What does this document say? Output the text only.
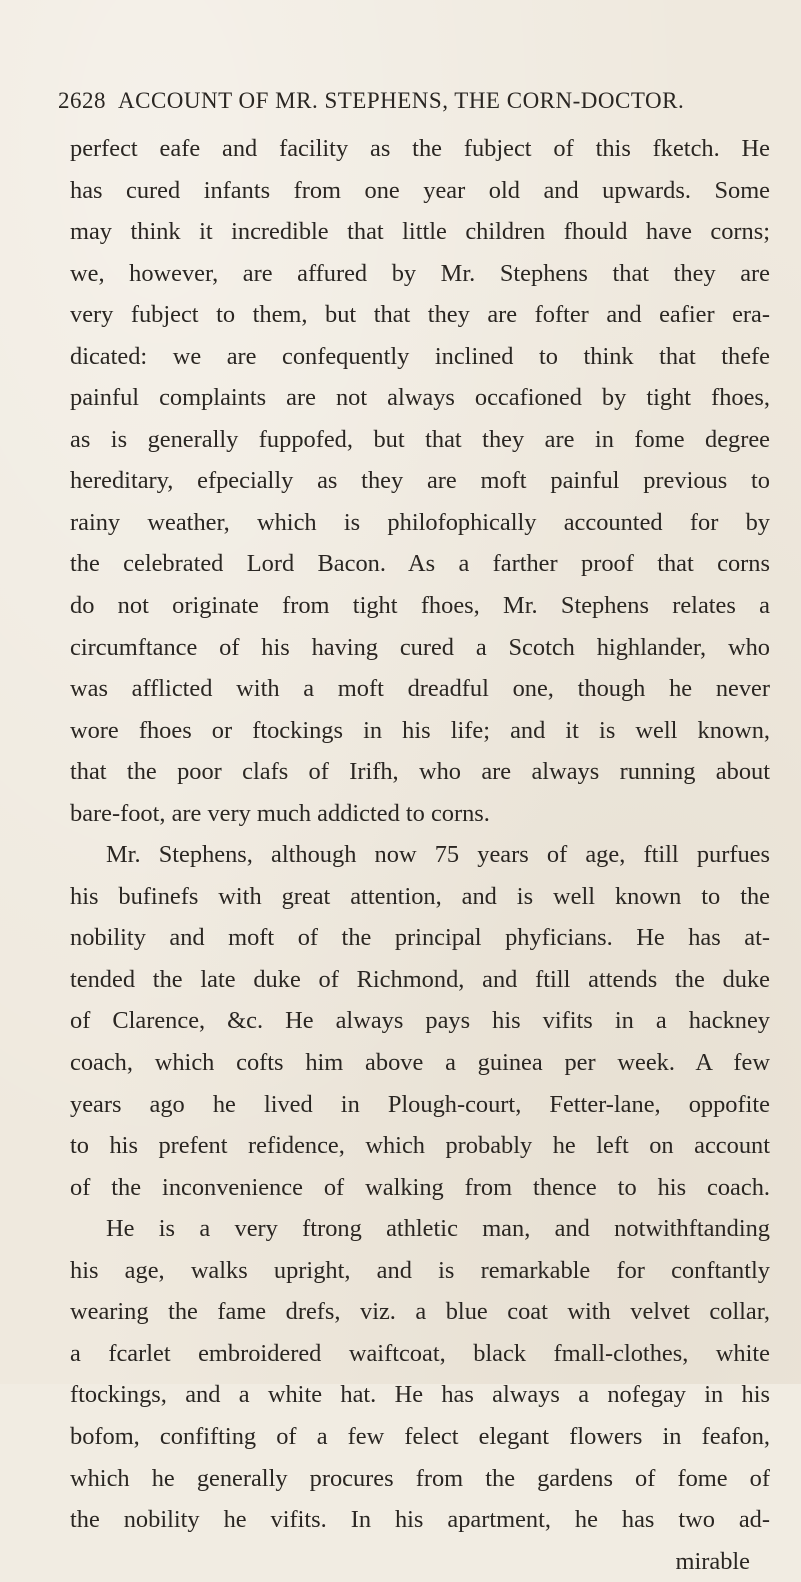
2628 ACCOUNT OF MR. STEPHENS, THE CORN-DOCTOR.
perfect eafe and facility as the fubject of this fketch. He
has cured infants from one year old and upwards. Some
may think it incredible that little children fhould have corns;
we, however, are affured by Mr. Stephens that they are
very fubject to them, but that they are fofter and eafier era-
dicated: we are confequently inclined to think that thefe
painful complaints are not always occafioned by tight fhoes,
as is generally fuppofed, but that they are in fome degree
hereditary, efpecially as they are moft painful previous to
rainy weather, which is philofophically accounted for by
the celebrated Lord Bacon. As a farther proof that corns
do not originate from tight fhoes, Mr. Stephens relates a
circumftance of his having cured a Scotch highlander, who
was afflicted with a moft dreadful one, though he never
wore fhoes or ftockings in his life; and it is well known,
that the poor clafs of Irifh, who are always running about
bare-foot, are very much addicted to corns.
Mr. Stephens, although now 75 years of age, ftill purfues
his bufinefs with great attention, and is well known to the
nobility and moft of the principal phyficians. He has at-
tended the late duke of Richmond, and ftill attends the duke
of Clarence, &c. He always pays his vifits in a hackney
coach, which cofts him above a guinea per week. A few
years ago he lived in Plough-court, Fetter-lane, oppofite
to his prefent refidence, which probably he left on account
of the inconvenience of walking from thence to his coach.
He is a very ftrong athletic man, and notwithftanding
his age, walks upright, and is remarkable for conftantly
wearing the fame drefs, viz. a blue coat with velvet collar,
a fcarlet embroidered waiftcoat, black fmall-clothes, white
ftockings, and a white hat. He has always a nofegay in his
bofom, confifting of a few felect elegant flowers in feafon,
which he generally procures from the gardens of fome of
the nobility he vifits. In his apartment, he has two ad-
mirable
